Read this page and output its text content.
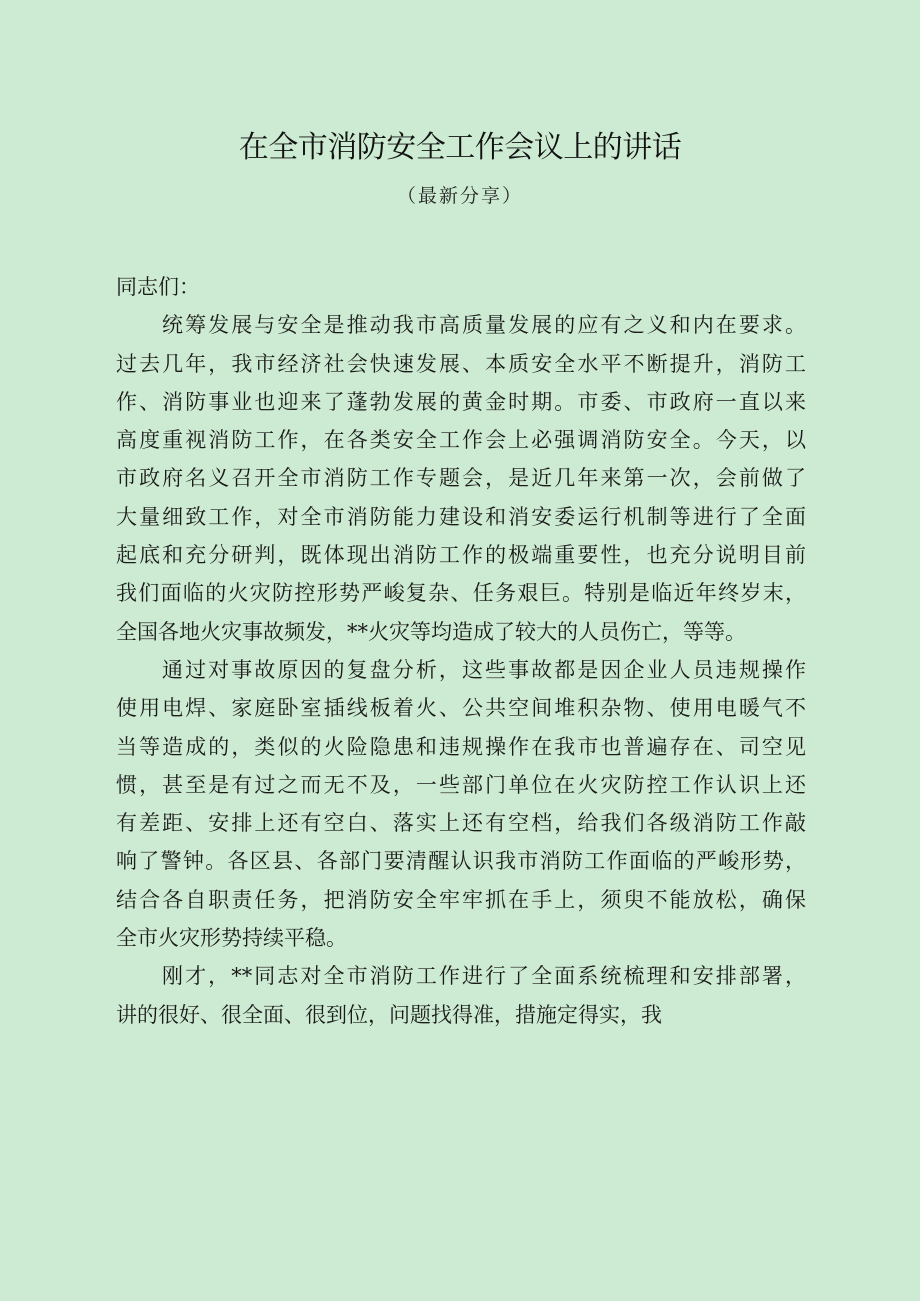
在全市消防安全工作会议上的讲话

（最新分享）

同志们：
统筹发展与安全是推动我市高质量发展的应有之义和内在要求。
过去几年，我市经济社会快速发展、本质安全水平不断提升，消防工
作、消防事业也迎来了蓬勃发展的黄金时期。市委、市政府一直以来
高度重视消防工作，在各类安全工作会上必强调消防安全。今天，以
市政府名义召开全市消防工作专题会，是近几年来第一次，会前做了
大量细致工作，对全市消防能力建设和消安委运行机制等进行了全面
起底和充分研判，既体现出消防工作的极端重要性，也充分说明目前
我们面临的火灾防控形势严峻复杂、任务艰巨。特别是临近年终岁末，
全国各地火灾事故频发，**火灾等均造成了较大的人员伤亡，等等。
通过对事故原因的复盘分析，这些事故都是因企业人员违规操作
使用电焊、家庭卧室插线板着火、公共空间堆积杂物、使用电暖气不
当等造成的，类似的火险隐患和违规操作在我市也普遍存在、司空见
惯，甚至是有过之而无不及，一些部门单位在火灾防控工作认识上还
有差距、安排上还有空白、落实上还有空档，给我们各级消防工作敲
响了警钟。各区县、各部门要清醒认识我市消防工作面临的严峻形势，
结合各自职责任务，把消防安全牢牢抓在手上，须臾不能放松，确保
全市火灾形势持续平稳。
刚才，**同志对全市消防工作进行了全面系统梳理和安排部署，
讲的很好、很全面、很到位，问题找得准，措施定得实，我
